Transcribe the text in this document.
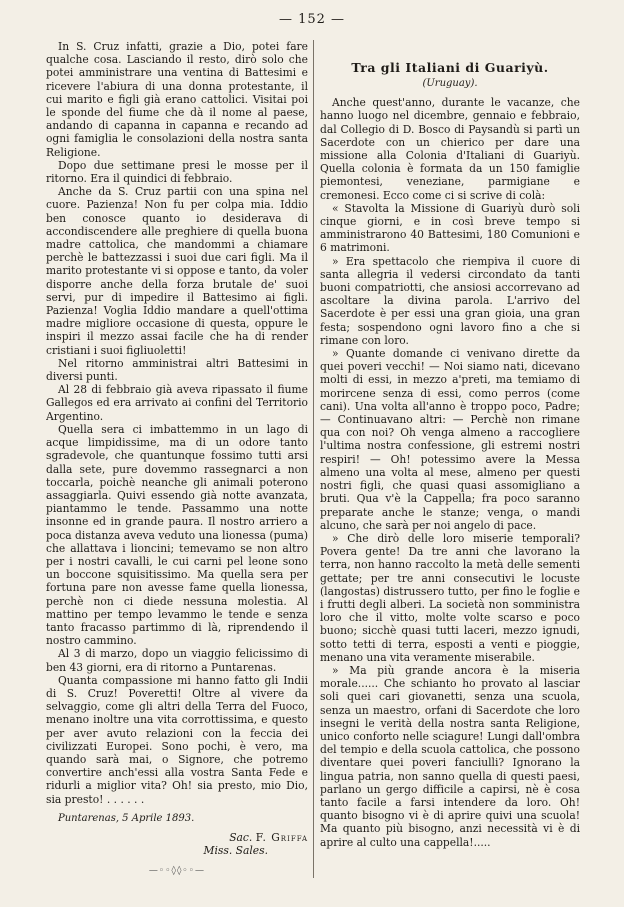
— 152 —

In S. Cruz infatti, grazie a Dio, potei fare qualche cosa. Lasciando il resto, dirò solo che potei amministrare una ventina di Battesimi e ricevere l'abiura di una donna protestante, il cui marito e figli già erano cattolici. Visitai poi le sponde del fiume che dà il nome al paese, andando di capanna in capanna e recando ad ogni famiglia le consolazioni della nostra santa Religione.

Dopo due settimane presi le mosse per il ritorno. Era il quindici di febbraio.

Anche da S. Cruz partii con una spina nel cuore. Pazienza! Non fu per colpa mia. Iddio ben conosce quanto io desiderava di accondiscendere alle preghiere di quella buona madre cattolica, che mandommi a chiamare perchè le battezzassi i suoi due cari figli. Ma il marito protestante vi si oppose e tanto, da voler disporre anche della forza brutale de' suoi servi, pur di impedire il Battesimo ai figli. Pazienza! Voglia Iddio mandare a quell'ottima madre migliore occasione di questa, oppure le inspiri il mezzo assai facile che ha di render cristiani i suoi figliuoletti!

Nel ritorno amministrai altri Battesimi in diversi punti.

Al 28 di febbraio già aveva ripassato il fiume Gallegos ed era arrivato ai confini del Territorio Argentino.

Quella sera ci imbattemmo in un lago di acque limpidissime, ma di un odore tanto sgradevole, che quantunque fossimo tutti arsi dalla sete, pure dovemmo rassegnarci a non toccarla, poichè neanche gli animali poterono assaggiarla. Quivi essendo già notte avanzata, piantammo le tende. Passammo una notte insonne ed in grande paura. Il nostro arriero a poca distanza aveva veduto una lionessa (puma) che allattava i lioncini; temevamo se non altro per i nostri cavalli, le cui carni pel leone sono un boccone squisitissimo. Ma quella sera per fortuna pare non avesse fame quella lionessa, perchè non ci diede nessuna molestia. Al mattino per tempo levammo le tende e senza tanto fracasso partimmo di là, riprendendo il nostro cammino.

Al 3 di marzo, dopo un viaggio felicissimo di ben 43 giorni, era di ritorno a Puntarenas.

Quanta compassione mi hanno fatto gli Indii di S. Cruz! Poveretti! Oltre al vivere da selvaggio, come gli altri della Terra del Fuoco, menano inoltre una vita corrottissima, e questo per aver avuto relazioni con la feccia dei civilizzati Europei. Sono pochi, è vero, ma quando sarà mai, o Signore, che potremo convertire anch'essi alla vostra Santa Fede e ridurli a miglior vita? Oh! sia presto, mio Dio, sia presto! . . . . . .

Puntarenas, 5 Aprile 1893.

Sac. F. Griffa

Miss. Sales.

—◦◦◊◊◦◦—

Tra gli Italiani di Guariyù.

(Uruguay).

Anche quest'anno, durante le vacanze, che hanno luogo nel dicembre, gennaio e febbraio, dal Collegio di D. Bosco di Paysandù si partì un Sacerdote con un chierico per dare una missione alla Colonia d'Italiani di Guariyù. Quella colonia è formata da un 150 famiglie piemontesi, veneziane, parmigiane e cremonesi. Ecco come ci si scrive di colà:

« Stavolta la Missione di Guariyù durò soli cinque giorni, e in così breve tempo si amministrarono 40 Battesimi, 180 Comunioni e 6 matrimoni.

» Era spettacolo che riempiva il cuore di santa allegria il vedersi circondato da tanti buoni compatriotti, che ansiosi accorrevano ad ascoltare la divina parola. L'arrivo del Sacerdote è per essi una gran gioia, una gran festa; sospendono ogni lavoro fino a che si rimane con loro.

» Quante domande ci venivano dirette da quei poveri vecchi! — Noi siamo nati, dicevano molti di essi, in mezzo a'preti, ma temiamo di morircene senza di essi, como perros (come cani). Una volta all'anno è troppo poco, Padre; — Continuavano altri: — Perchè non rimane qua con noi? Oh venga almeno a raccogliere l'ultima nostra confessione, gli estremi nostri respiri! — Oh! potessimo avere la Messa almeno una volta al mese, almeno per questi nostri figli, che quasi quasi assomigliano a bruti. Qua v'è la Cappella; fra poco saranno preparate anche le stanze; venga, o mandi alcuno, che sarà per noi angelo di pace.

» Che dirò delle loro miserie temporali? Povera gente! Da tre anni che lavorano la terra, non hanno raccolto la metà delle sementi gettate; per tre anni consecutivi le locuste (langostas) distrussero tutto, per fino le foglie e i frutti degli alberi. La società non somministra loro che il vitto, molte volte scarso e poco buono; sicchè quasi tutti laceri, mezzo ignudi, sotto tetti di terra, esposti a venti e pioggie, menano una vita veramente miserabile.

» Ma più grande ancora è la miseria morale...... Che schianto ho provato al lasciar soli quei cari giovanetti, senza una scuola, senza un maestro, orfani di Sacerdote che loro insegni le verità della nostra santa Religione, unico conforto nelle sciagure! Lungi dall'ombra del tempio e della scuola cattolica, che possono diventare quei poveri fanciulli? Ignorano la lingua patria, non sanno quella di questi paesi, parlano un gergo difficile a capirsi, nè è cosa tanto facile a farsi intendere da loro. Oh! quanto bisogno vi è di aprire quivi una scuola! Ma quanto più bisogno, anzi necessità vi è di aprire al culto una cappella!.....
